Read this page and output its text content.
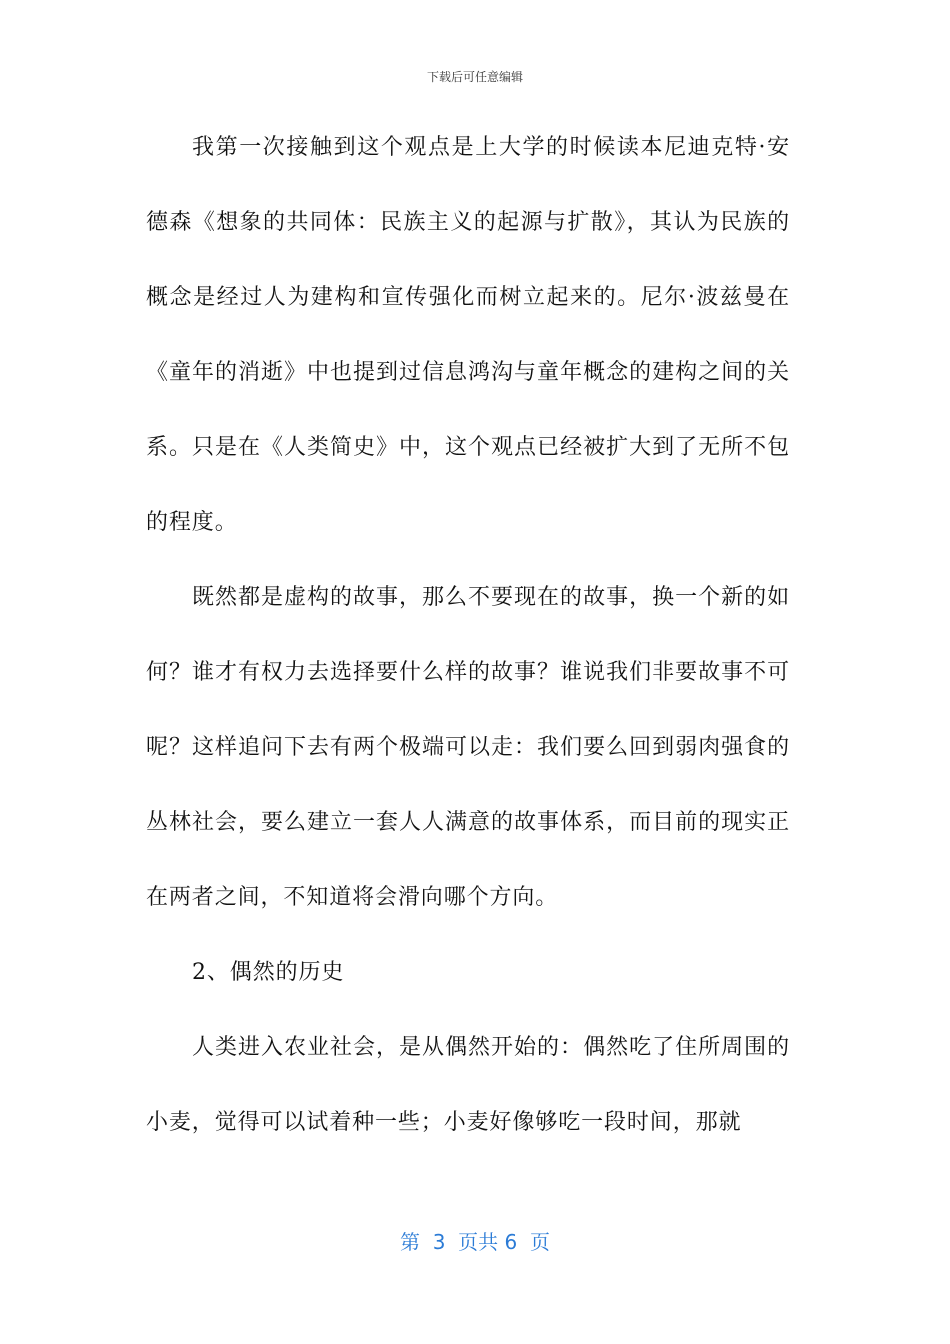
下载后可任意编辑

我第一次接触到这个观点是上大学的时候读本尼迪克特·安德森《想象的共同体：民族主义的起源与扩散》，其认为民族的概念是经过人为建构和宣传强化而树立起来的。尼尔·波兹曼在《童年的消逝》中也提到过信息鸿沟与童年概念的建构之间的关系。只是在《人类简史》中，这个观点已经被扩大到了无所不包的程度。

既然都是虚构的故事，那么不要现在的故事，换一个新的如何？谁才有权力去选择要什么样的故事？谁说我们非要故事不可呢？这样追问下去有两个极端可以走：我们要么回到弱肉强食的丛林社会，要么建立一套人人满意的故事体系，而目前的现实正在两者之间，不知道将会滑向哪个方向。

2、偶然的历史

人类进入农业社会，是从偶然开始的：偶然吃了住所周围的小麦，觉得可以试着种一些；小麦好像够吃一段时间，那就

第  3  页共 6  页
